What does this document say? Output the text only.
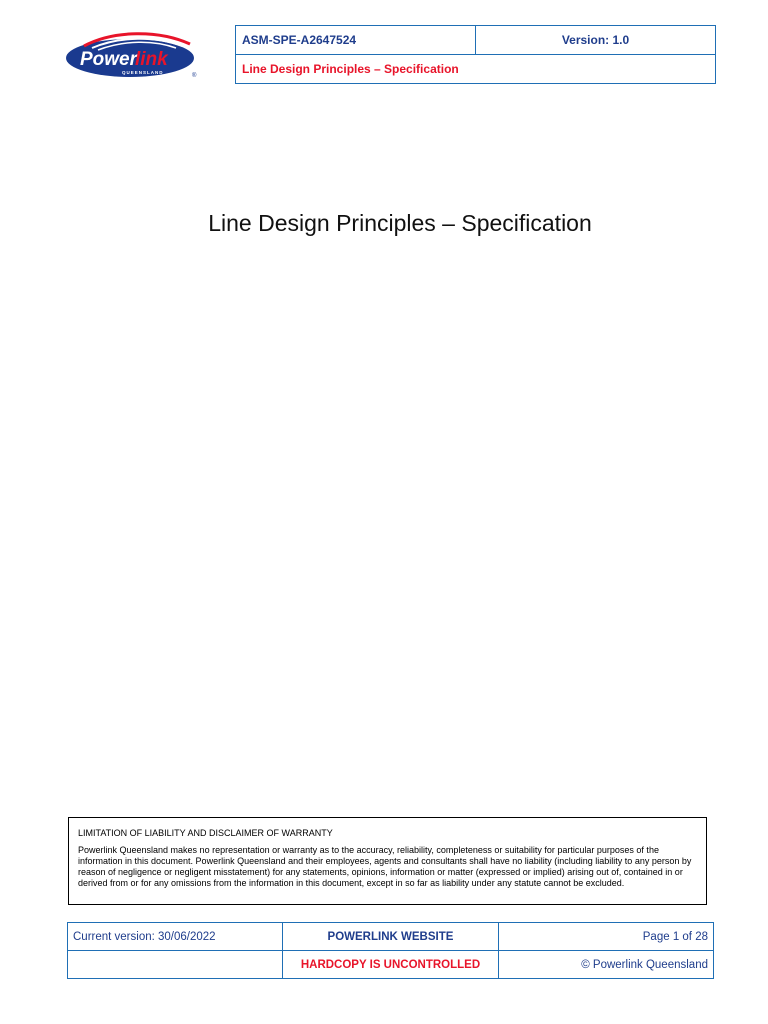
Power
link
QUEENSLAND
®
ASM-SPE-A2647524	Version: 1.0
Line Design Principles – Specification
Line Design Principles – Specification
LIMITATION OF LIABILITY AND DISCLAIMER OF WARRANTY
Powerlink Queensland makes no representation or warranty as to the accuracy, reliability, completeness or suitability for particular purposes of the information in this document. Powerlink Queensland and their employees, agents and consultants shall have no liability (including liability to any person by reason of negligence or negligent misstatement) for any statements, opinions, information or matter (expressed or implied) arising out of, contained in or derived from or for any omissions from the information in this document, except in so far as liability under any statute cannot be excluded.
Current version: 30/06/2022	POWERLINK WEBSITE	Page 1 of 28
	HARDCOPY IS UNCONTROLLED	© Powerlink Queensland
